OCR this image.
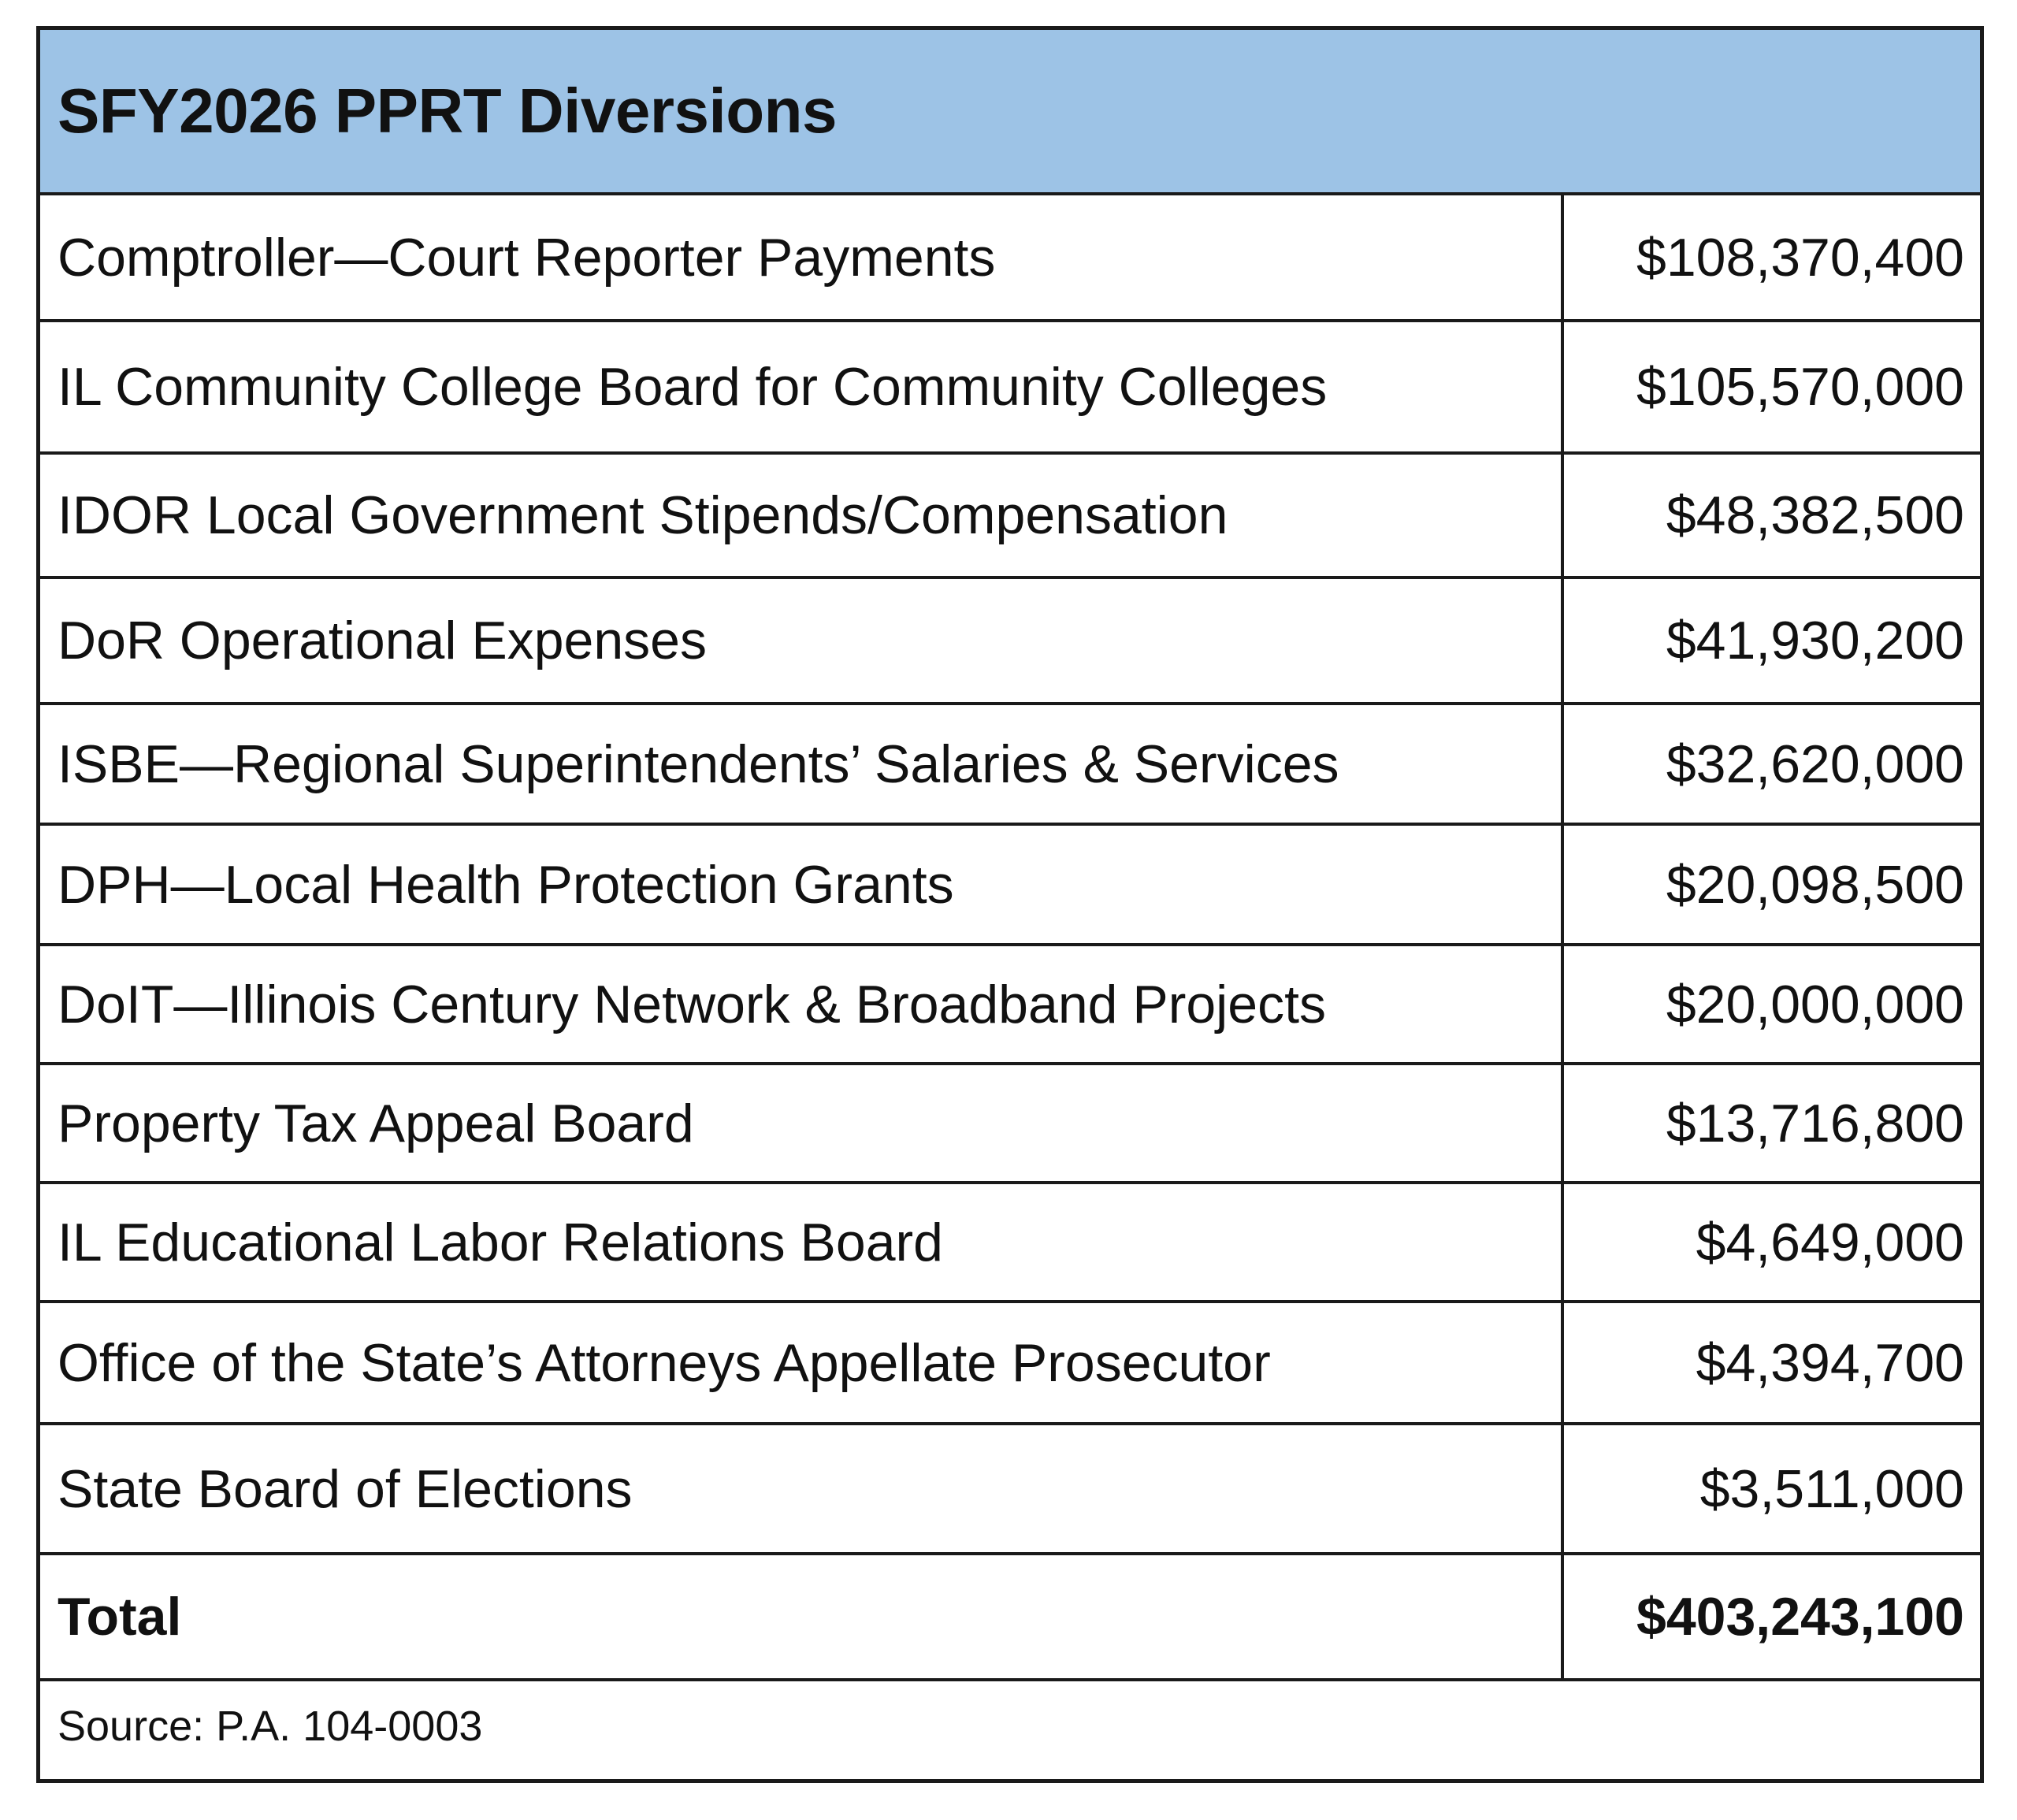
SFY2026 PPRT Diversions
Comptroller—Court Reporter Payments	$108,370,400
IL Community College Board for Community Colleges	$105,570,000
IDOR Local Government Stipends/Compensation	$48,382,500
DoR Operational Expenses	$41,930,200
ISBE—Regional Superintendents’ Salaries & Services	$32,620,000
DPH—Local Health Protection Grants	$20,098,500
DoIT—Illinois Century Network & Broadband Projects	$20,000,000
Property Tax Appeal Board	$13,716,800
IL Educational Labor Relations Board	$4,649,000
Office of the State’s Attorneys Appellate Prosecutor	$4,394,700
State Board of Elections	$3,511,000
Total	$403,243,100
Source: P.A. 104-0003
